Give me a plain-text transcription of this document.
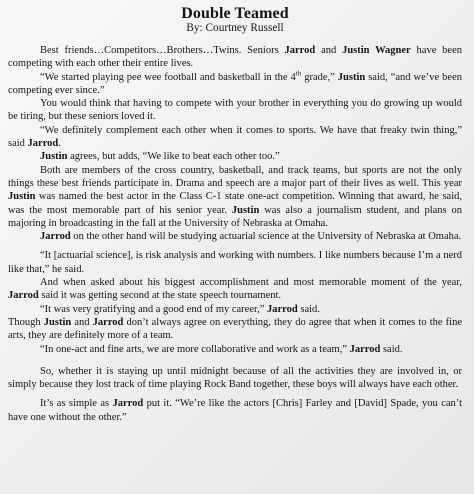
Double Teamed
By: Courtney Russell

Best friends…Competitors…Brothers…Twins. Seniors Jarrod and Justin Wagner have been competing with each other their entire lives.

“We started playing pee wee football and basketball in the 4th grade,” Justin said, “and we’ve been competing ever since.”

You would think that having to compete with your brother in everything you do growing up would be tiring, but these seniors loved it.

“We definitely complement each other when it comes to sports. We have that freaky twin thing,” said Jarrod.

Justin agrees, but adds, “We like to beat each other too.”

Both are members of the cross country, basketball, and track teams, but sports are not the only things these best friends participate in. Drama and speech are a major part of their lives as well. This year Justin was named the best actor in the Class C-1 state one-act competition. Winning that award, he said, was the most memorable part of his senior year. Justin was also a journalism student, and plans on majoring in broadcasting in the fall at the University of Nebraska at Omaha.

Jarrod on the other hand will be studying actuarial science at the University of Nebraska at Omaha.

“It [actuarial science], is risk analysis and working with numbers. I like numbers because I’m a nerd like that,” he said.

And when asked about his biggest accomplishment and most memorable moment of the year, Jarrod said it was getting second at the state speech tournament.

“It was very gratifying and a good end of my career,” Jarrod said.

Though Justin and Jarrod don’t always agree on everything, they do agree that when it comes to the fine arts, they are definitely more of a team.

“In one-act and fine arts, we are more collaborative and work as a team,” Jarrod said.

So, whether it is staying up until midnight because of all the activities they are involved in, or simply because they lost track of time playing Rock Band together, these boys will always have each other.

It’s as simple as Jarrod put it. “We’re like the actors [Chris] Farley and [David] Spade, you can’t have one without the other.”
